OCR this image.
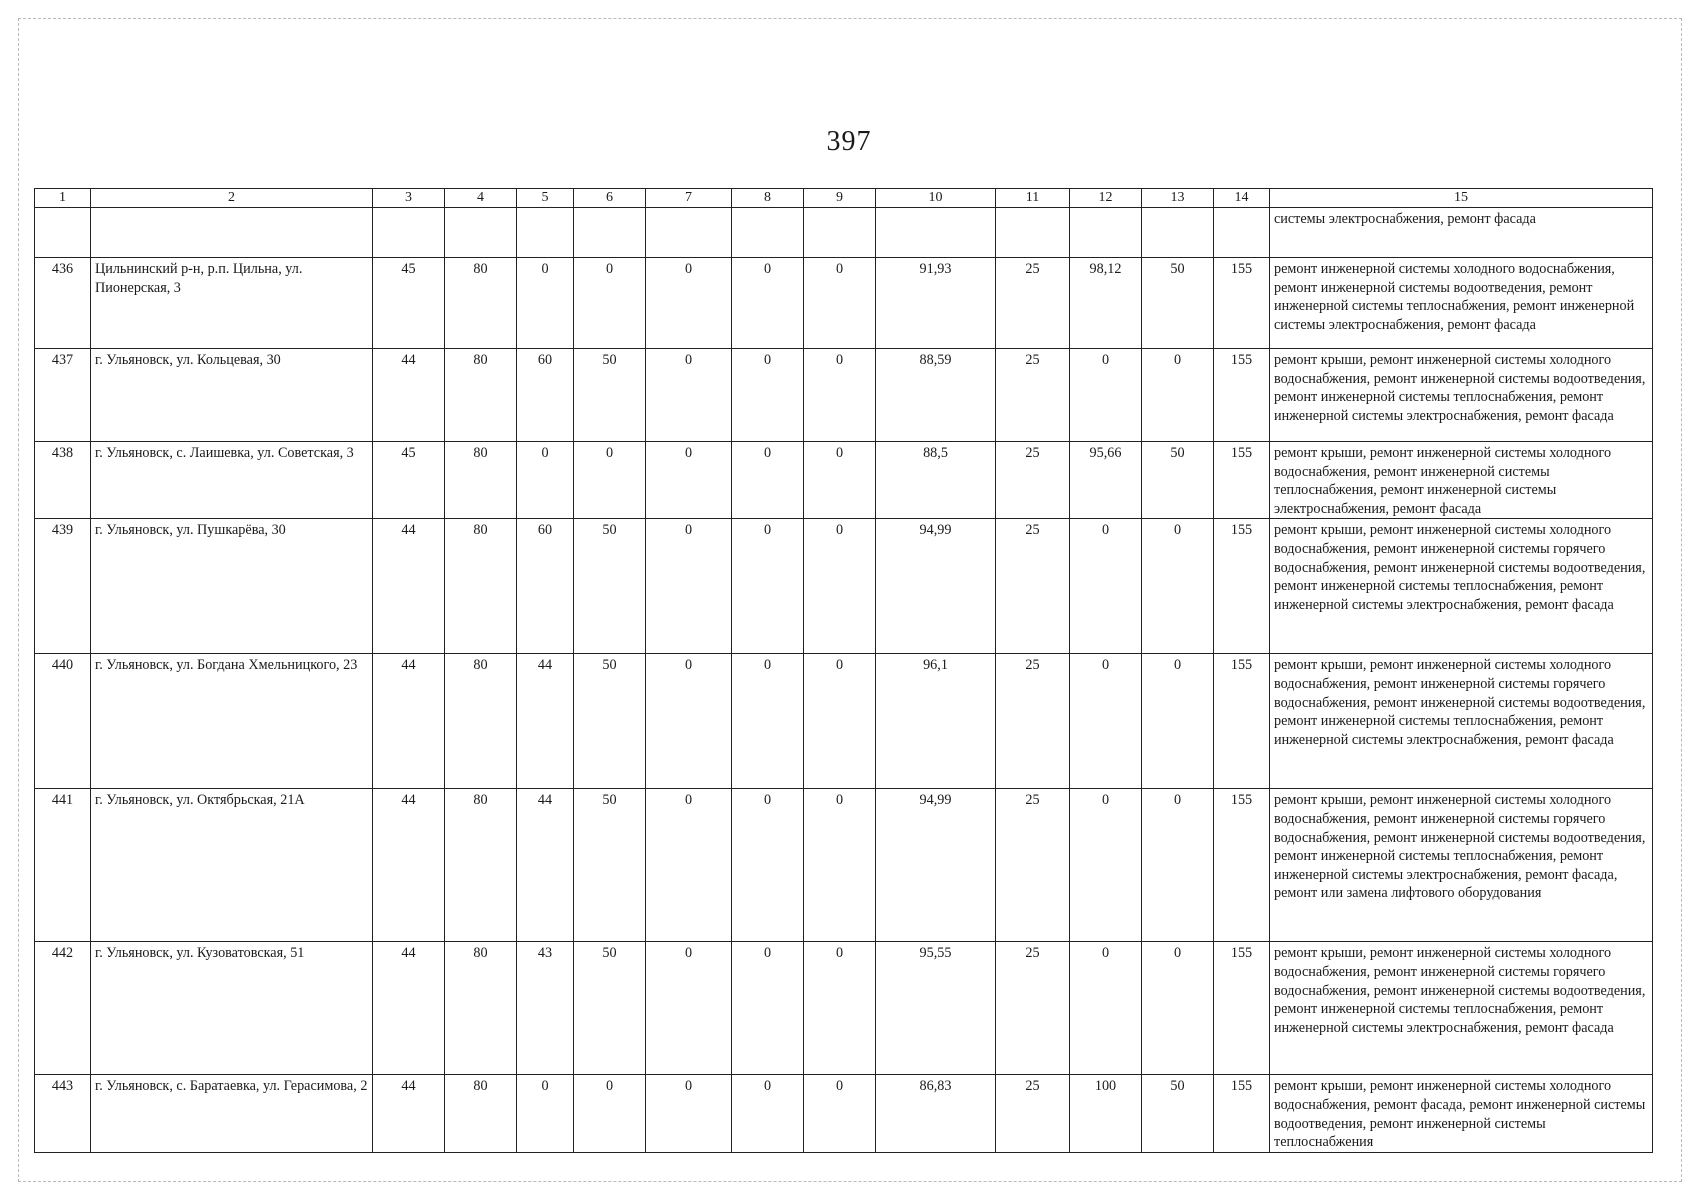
397
1	2	3	4	5	6	7	8	9	10	11	12	13	14	15
														системы электроснабжения, ремонт фасада
436	Цильнинский р-н, р.п. Цильна, ул. Пионерская, 3	45	80	0	0	0	0	0	91,93	25	98,12	50	155	ремонт инженерной системы холодного водоснабжения, ремонт инженерной системы водоотведения, ремонт инженерной системы теплоснабжения, ремонт инженерной системы электроснабжения, ремонт фасада
437	г. Ульяновск, ул. Кольцевая, 30	44	80	60	50	0	0	0	88,59	25	0	0	155	ремонт крыши, ремонт инженерной системы холодного водоснабжения, ремонт инженерной системы водоотведения, ремонт инженерной системы теплоснабжения, ремонт инженерной системы электроснабжения, ремонт фасада
438	г. Ульяновск, с. Лаишевка, ул. Советская, 3	45	80	0	0	0	0	0	88,5	25	95,66	50	155	ремонт крыши, ремонт инженерной системы холодного водоснабжения, ремонт инженерной системы теплоснабжения, ремонт инженерной системы электроснабжения, ремонт фасада
439	г. Ульяновск, ул. Пушкарёва, 30	44	80	60	50	0	0	0	94,99	25	0	0	155	ремонт крыши, ремонт инженерной системы холодного водоснабжения, ремонт инженерной системы горячего водоснабжения, ремонт инженерной системы водоотведения, ремонт инженерной системы теплоснабжения, ремонт инженерной системы электроснабжения, ремонт фасада
440	г. Ульяновск, ул. Богдана Хмельницкого, 23	44	80	44	50	0	0	0	96,1	25	0	0	155	ремонт крыши, ремонт инженерной системы холодного водоснабжения, ремонт инженерной системы горячего водоснабжения, ремонт инженерной системы водоотведения, ремонт инженерной системы теплоснабжения, ремонт инженерной системы электроснабжения, ремонт фасада
441	г. Ульяновск, ул. Октябрьская, 21А	44	80	44	50	0	0	0	94,99	25	0	0	155	ремонт крыши, ремонт инженерной системы холодного водоснабжения, ремонт инженерной системы горячего водоснабжения, ремонт инженерной системы водоотведения, ремонт инженерной системы теплоснабжения, ремонт инженерной системы электроснабжения, ремонт фасада, ремонт или замена лифтового оборудования
442	г. Ульяновск, ул. Кузоватовская, 51	44	80	43	50	0	0	0	95,55	25	0	0	155	ремонт крыши, ремонт инженерной системы холодного водоснабжения, ремонт инженерной системы горячего водоснабжения, ремонт инженерной системы водоотведения, ремонт инженерной системы теплоснабжения, ремонт инженерной системы электроснабжения, ремонт фасада
443	г. Ульяновск, с. Баратаевка, ул. Герасимова, 2	44	80	0	0	0	0	0	86,83	25	100	50	155	ремонт крыши, ремонт инженерной системы холодного водоснабжения, ремонт фасада, ремонт инженерной системы водоотведения, ремонт инженерной системы теплоснабжения
